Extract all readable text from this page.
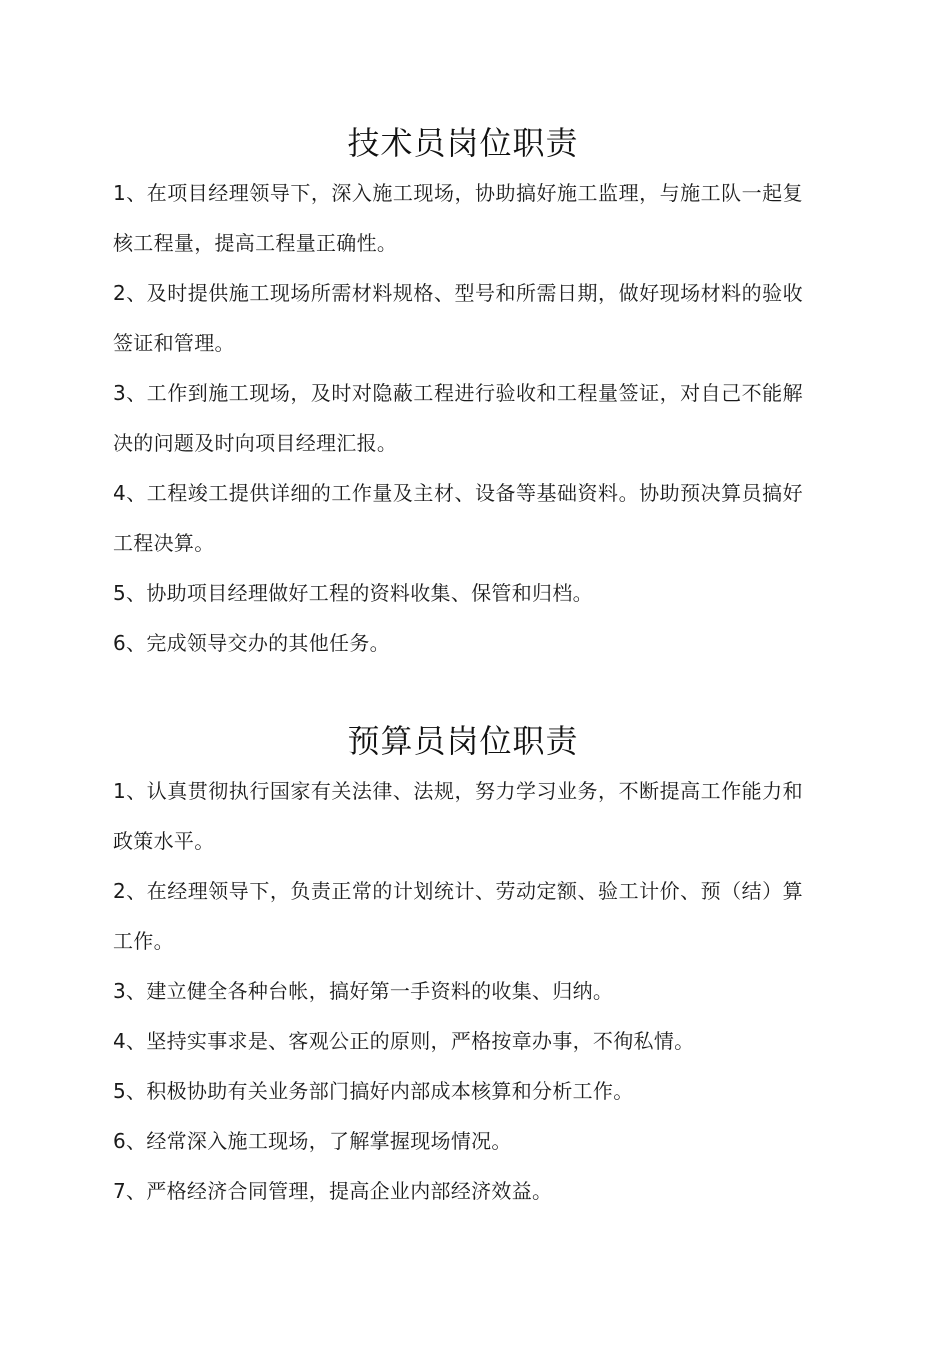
技术员岗位职责
1、在项目经理领导下，深入施工现场，协助搞好施工监理，与施工队一起复核工程量，提高工程量正确性。
2、及时提供施工现场所需材料规格、型号和所需日期，做好现场材料的验收签证和管理。
3、工作到施工现场，及时对隐蔽工程进行验收和工程量签证，对自己不能解决的问题及时向项目经理汇报。
4、工程竣工提供详细的工作量及主材、设备等基础资料。协助预决算员搞好工程决算。
5、协助项目经理做好工程的资料收集、保管和归档。
6、完成领导交办的其他任务。
预算员岗位职责
1、认真贯彻执行国家有关法律、法规，努力学习业务，不断提高工作能力和政策水平。
2、在经理领导下，负责正常的计划统计、劳动定额、验工计价、预（结）算工作。
3、建立健全各种台帐，搞好第一手资料的收集、归纳。
4、坚持实事求是、客观公正的原则，严格按章办事，不徇私情。
5、积极协助有关业务部门搞好内部成本核算和分析工作。
6、经常深入施工现场，了解掌握现场情况。
7、严格经济合同管理，提高企业内部经济效益。
